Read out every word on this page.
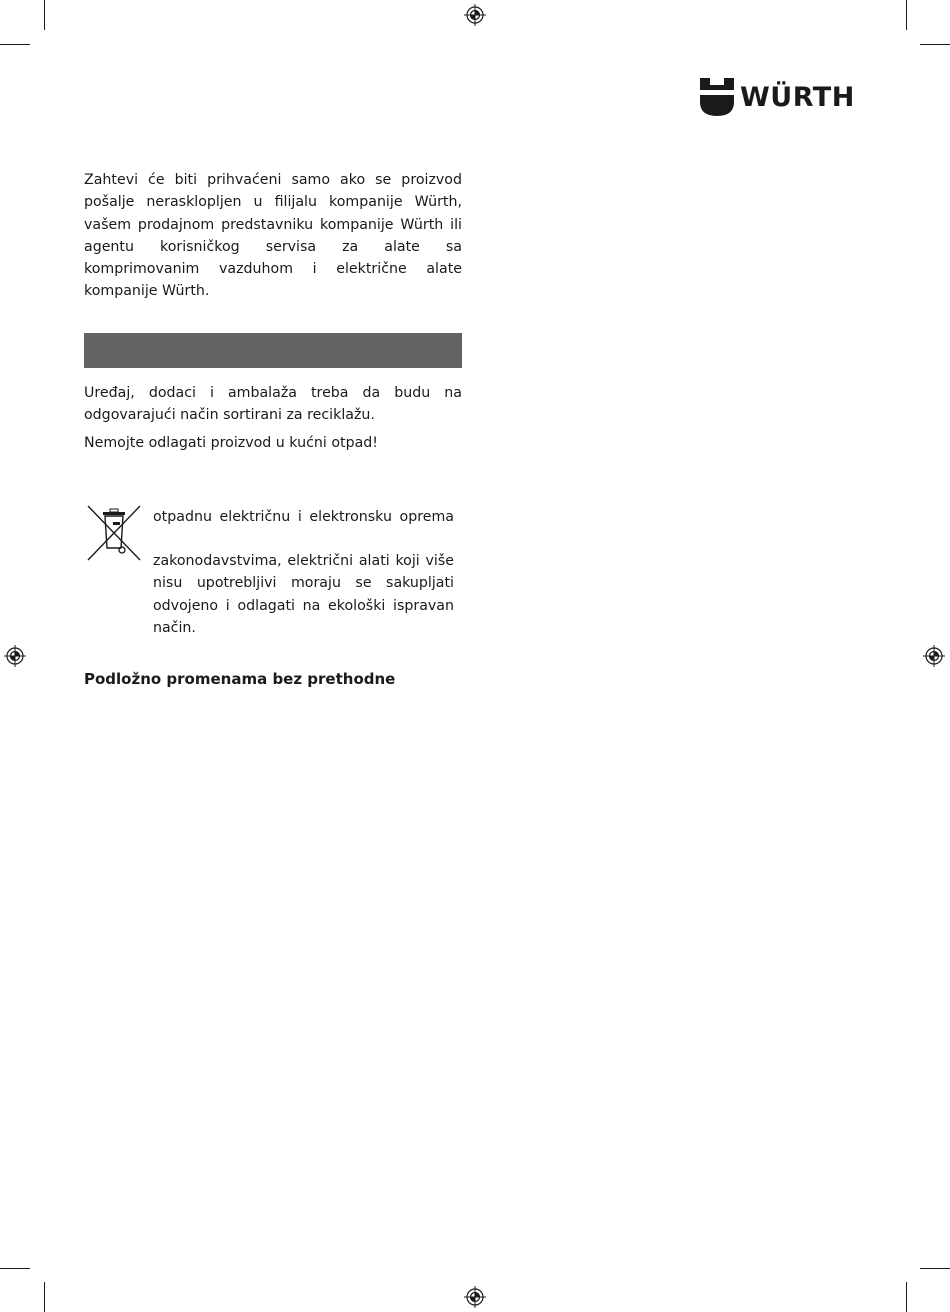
WÜRTH
Zahtevi će biti prihvaćeni samo ako se proizvod pošalje nerasklopljen u filijalu kompanije Würth, vašem prodajnom predstavniku kompanije Würth ili agentu korisničkog servisa za alate sa komprimovanim vazduhom i električne alate kompanije Würth.
Uređaj, dodaci i ambalaža treba da budu na odgovarajući način sortirani za reciklažu.
Nemojte odlagati proizvod u kućni otpad!
otpadnu električnu i elektronsku oprema
zakonodavstvima, električni alati koji više nisu upotrebljivi moraju se sakupljati odvojeno i odlagati na ekološki ispravan način.
Podložno promenama bez prethodne
